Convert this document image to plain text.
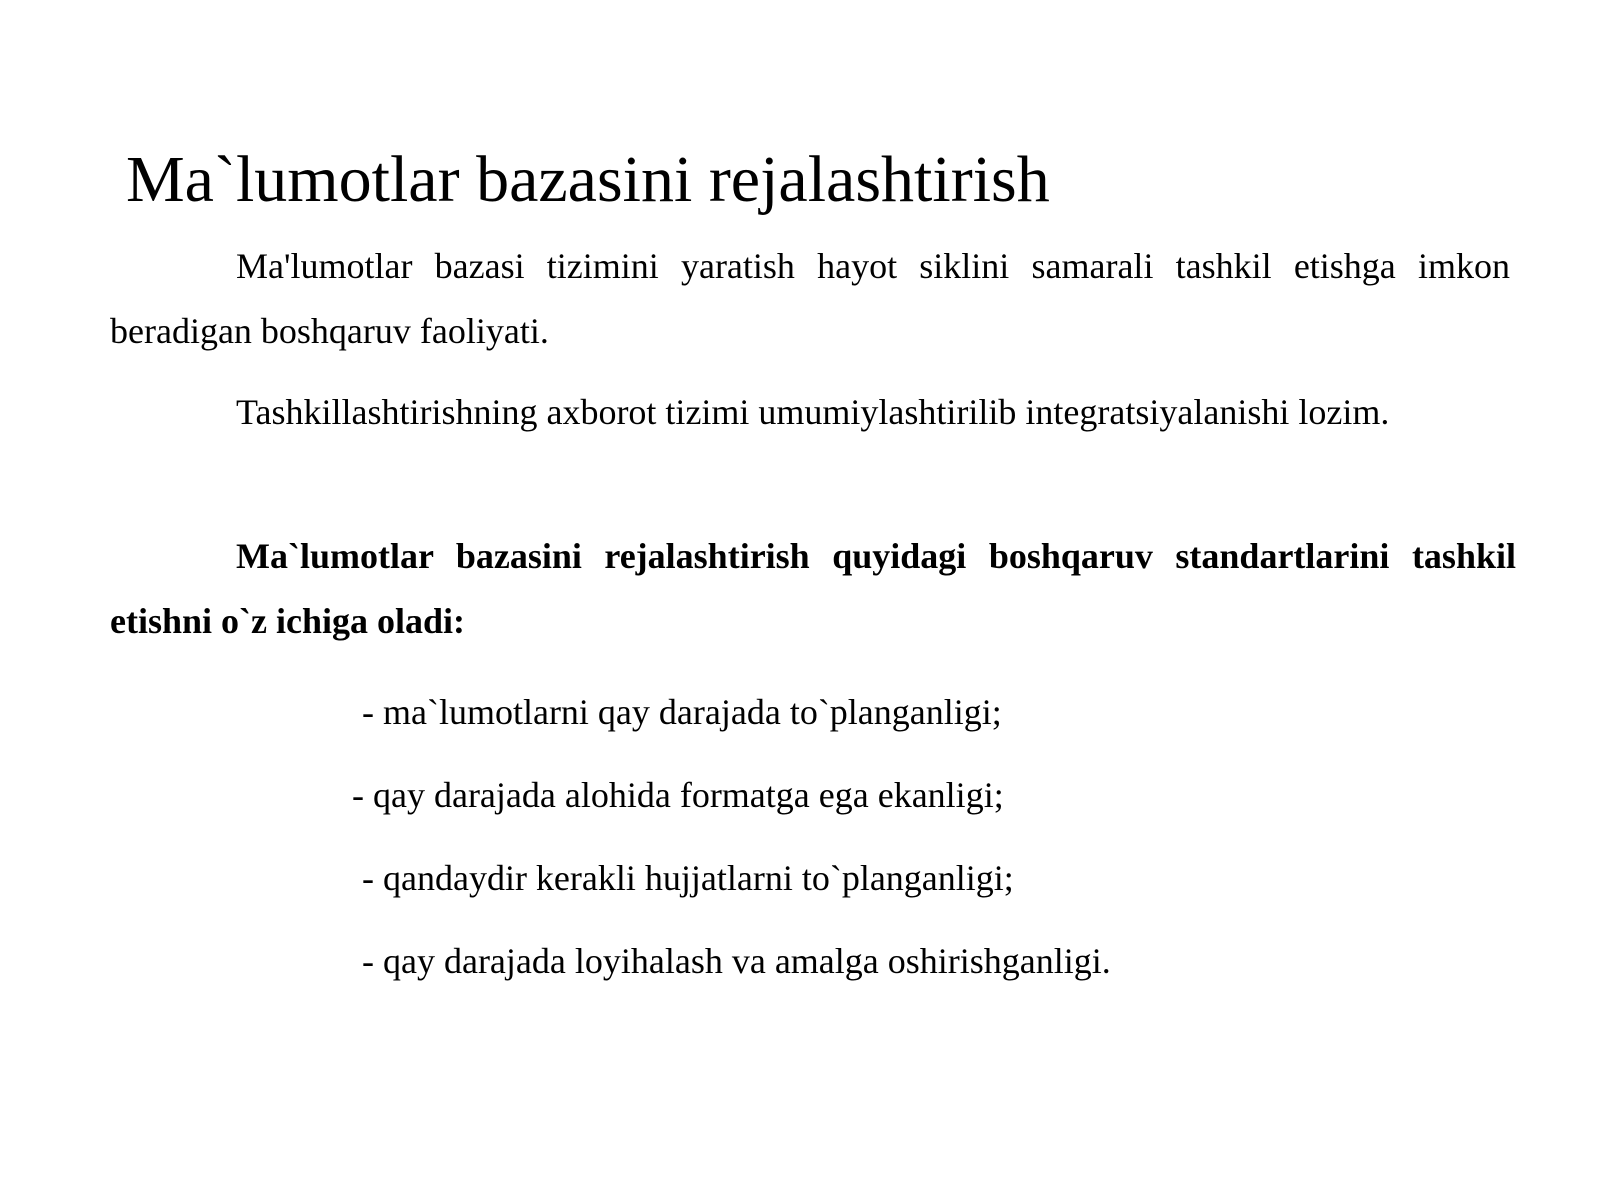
Ma`lumotlar bazasini rejalashtirish

Ma'lumotlar bazasi tizimini yaratish hayot siklini samarali tashkil etishga imkon beradigan boshqaruv faoliyati.

Tashkillashtirishning axborot tizimi umumiylashtirilib integratsiyalanishi lozim.

Ma`lumotlar bazasini rejalashtirish quyidagi boshqaruv standartlarini tashkil etishni o`z ichiga oladi:

- ma`lumotlarni qay darajada to`planganligi;

- qay darajada alohida formatga ega ekanligi;

- qandaydir kerakli hujjatlarni to`planganligi;

- qay darajada loyihalash va amalga oshirishganligi.
